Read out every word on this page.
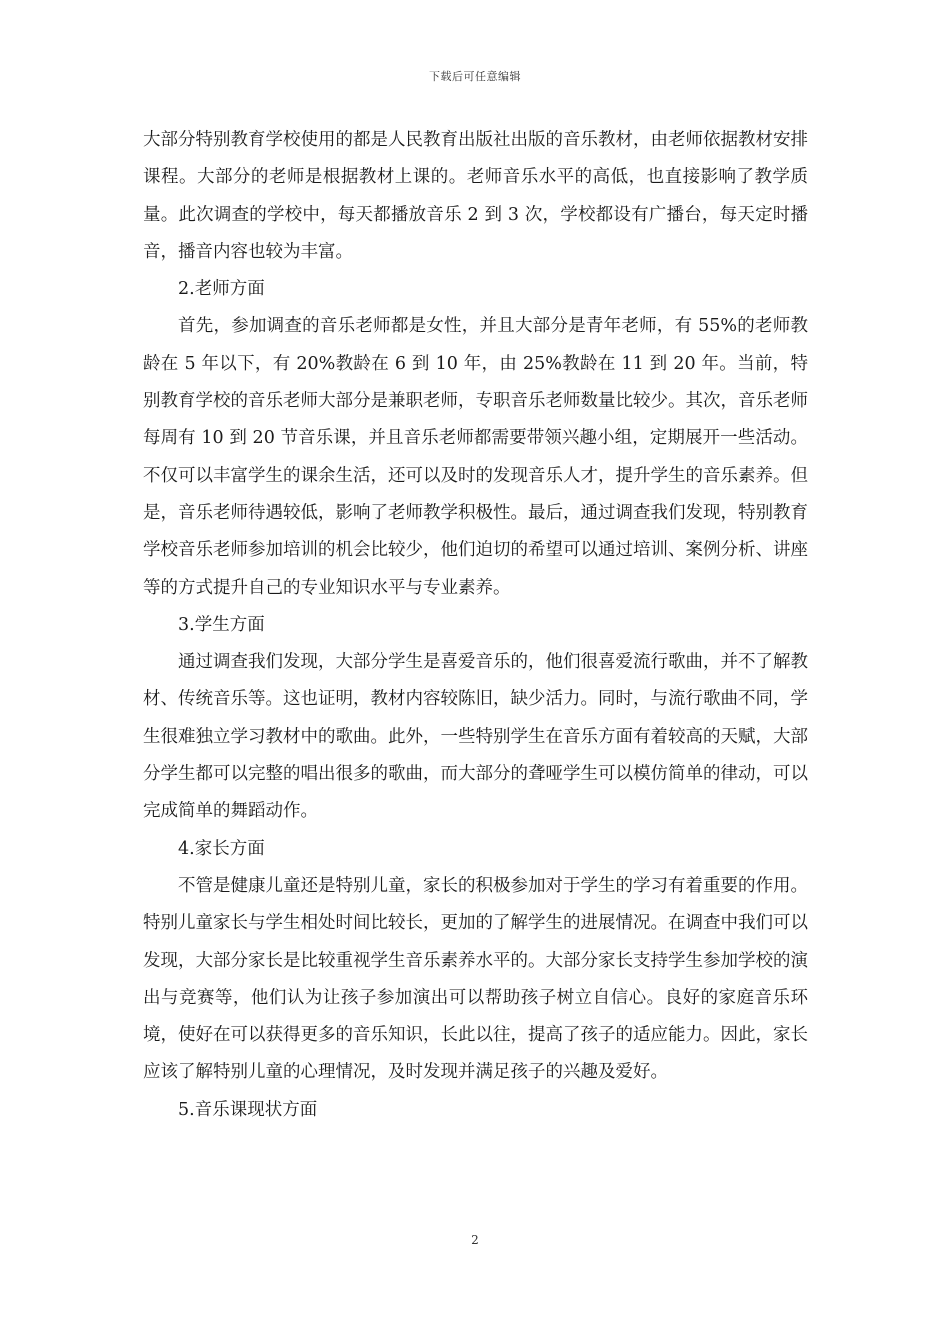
下载后可任意编辑

大部分特别教育学校使用的都是人民教育出版社出版的音乐教材，由老师依据教材安排课程。大部分的老师是根据教材上课的。老师音乐水平的高低，也直接影响了教学质量。此次调查的学校中，每天都播放音乐 2 到 3 次，学校都设有广播台，每天定时播音，播音内容也较为丰富。

2.老师方面

首先，参加调查的音乐老师都是女性，并且大部分是青年老师，有 55%的老师教龄在 5 年以下，有 20%教龄在 6 到 10 年，由 25%教龄在 11 到 20 年。当前，特别教育学校的音乐老师大部分是兼职老师，专职音乐老师数量比较少。其次，音乐老师每周有 10 到 20 节音乐课，并且音乐老师都需要带领兴趣小组，定期展开一些活动。不仅可以丰富学生的课余生活，还可以及时的发现音乐人才，提升学生的音乐素养。但是，音乐老师待遇较低，影响了老师教学积极性。最后，通过调查我们发现，特别教育学校音乐老师参加培训的机会比较少，他们迫切的希望可以通过培训、案例分析、讲座等的方式提升自己的专业知识水平与专业素养。

3.学生方面

通过调查我们发现，大部分学生是喜爱音乐的，他们很喜爱流行歌曲，并不了解教材、传统音乐等。这也证明，教材内容较陈旧，缺少活力。同时，与流行歌曲不同，学生很难独立学习教材中的歌曲。此外，一些特别学生在音乐方面有着较高的天赋，大部分学生都可以完整的唱出很多的歌曲，而大部分的聋哑学生可以模仿简单的律动，可以完成简单的舞蹈动作。

4.家长方面

不管是健康儿童还是特别儿童，家长的积极参加对于学生的学习有着重要的作用。特别儿童家长与学生相处时间比较长，更加的了解学生的进展情况。在调查中我们可以发现，大部分家长是比较重视学生音乐素养水平的。大部分家长支持学生参加学校的演出与竞赛等，他们认为让孩子参加演出可以帮助孩子树立自信心。良好的家庭音乐环境，使好在可以获得更多的音乐知识，长此以往，提高了孩子的适应能力。因此，家长应该了解特别儿童的心理情况，及时发现并满足孩子的兴趣及爱好。

5.音乐课现状方面

2
